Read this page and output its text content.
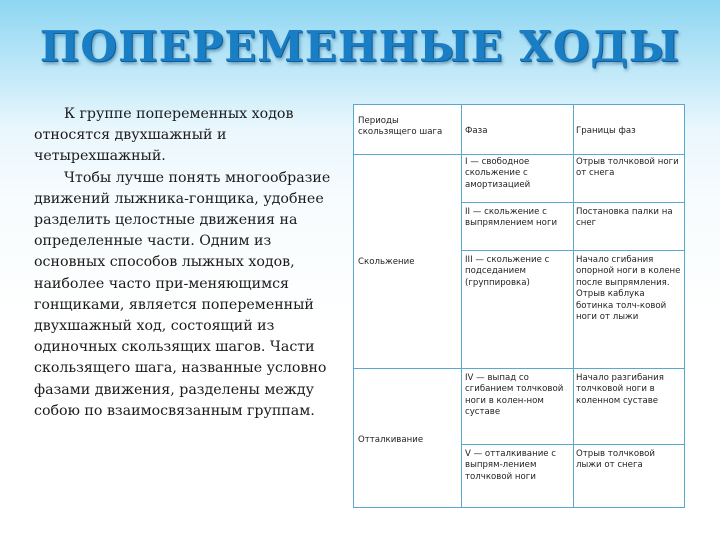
ПОПЕРЕМЕННЫЕ ХОДЫ

К группе попеременных ходов относятся двухшажный и четырехшажный.

Чтобы лучше понять многообразие движений лыжника-гонщика, удобнее разделить целостные движения на определенные части. Одним из основных способов лыжных ходов, наиболее часто при-меняющимся гонщиками, является попеременный двухшажный ход, состоящий из одиночных скользящих шагов. Части скользящего шага, названные условно фазами движения, разделены между собою по взаимосвязанным группам.

Периоды скользящего шага	Фаза	Границы фаз
Скольжение
Отталкивание
I — свободное скольжение с амортизацией
Отрыв толчковой ноги от снега
II — скольжение с выпрямлением ноги
Постановка палки на снег
III — скольжение с подседанием (группировка)
Начало сгибания опорной ноги в колене после выпрямления. Отрыв каблука ботинка толч-ковой ноги от лыжи
IV — выпад со сгибанием толчковой ноги в колен-ном суставе
Начало разгибания толчковой ноги в коленном суставе
V — отталкивание с выпрям-лением толчковой ноги
Отрыв толчковой лыжи от снега
